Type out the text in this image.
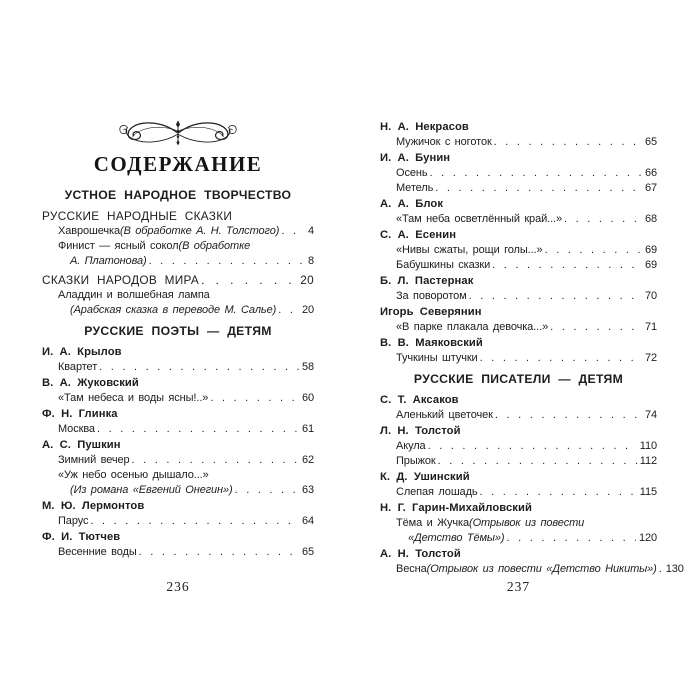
СОДЕРЖАНИЕ
УСТНОЕ НАРОДНОЕ ТВОРЧЕСТВО
РУССКИЕ НАРОДНЫЕ СКАЗКИ
Хаврошечка (В обработке А. Н. Толстого) . . .	4
Финист — ясный сокол (В обработке
А. Платонова) . . .	8
СКАЗКИ НАРОДОВ МИРА . . .	20
Аладдин и волшебная лампа
(Арабская сказка в переводе М. Салье) . . . 20
РУССКИЕ ПОЭТЫ — ДЕТЯМ
И. А. Крылов
Квартет . . .	58
В. А. Жуковский
«Там небеса и воды ясны!..» . . .	60
Ф. Н. Глинка
Москва . . .	61
А. С. Пушкин
Зимний вечер . . .	62
«Уж небо осенью дышало...»
(Из романа «Евгений Онегин») . . .	63
М. Ю. Лермонтов
Парус . . .	64
Ф. И. Тютчев
Весенние воды . . .	65
236
Н. А. Некрасов
Мужичок с ноготок . . .	65
И. А. Бунин
Осень . . .	66
Метель . . .	67
А. А. Блок
«Там неба осветлённый край...» . . .	68
С. А. Есенин
«Нивы сжаты, рощи голы...» . . .	69
Бабушкины сказки . . .	69
Б. Л. Пастернак
За поворотом . . .	70
Игорь Северянин
«В парке плакала девочка...» . . .	71
В. В. Маяковский
Тучкины штучки . . .	72
РУССКИЕ ПИСАТЕЛИ — ДЕТЯМ
С. Т. Аксаков
Аленький цветочек . . .	74
Л. Н. Толстой
Акула . . .	110
Прыжок . . .	112
К. Д. Ушинский
Слепая лошадь . . .	115
Н. Г. Гарин-Михайловский
Тёма и Жучка (Отрывок из повести
«Детство Тёмы») . . .	120
А. Н. Толстой
Весна (Отрывок из повести «Детство Никиты») . . . 130
237
